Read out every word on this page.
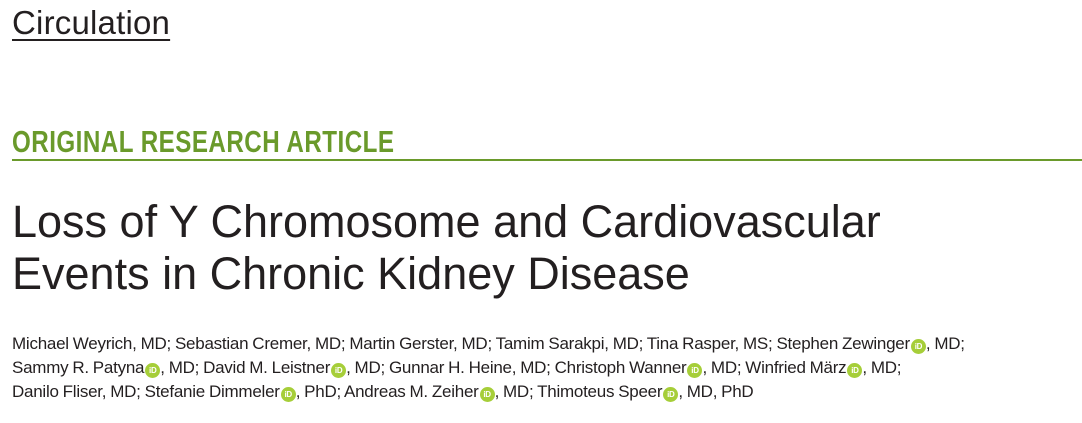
Circulation
ORIGINAL RESEARCH ARTICLE
Loss of Y Chromosome and Cardiovascular
Events in Chronic Kidney Disease
Michael Weyrich, MD; Sebastian Cremer, MD; Martin Gerster, MD; Tamim Sarakpi, MD; Tina Rasper, MS; Stephen Zewinger iD , MD;
Sammy R. Patyna iD , MD; David M. Leistner iD , MD; Gunnar H. Heine, MD; Christoph Wanner iD , MD; Winfried März iD , MD;
Danilo Fliser, MD; Stefanie Dimmeler iD , PhD; Andreas M. Zeiher iD , MD; Thimoteus Speer iD , MD, PhD
